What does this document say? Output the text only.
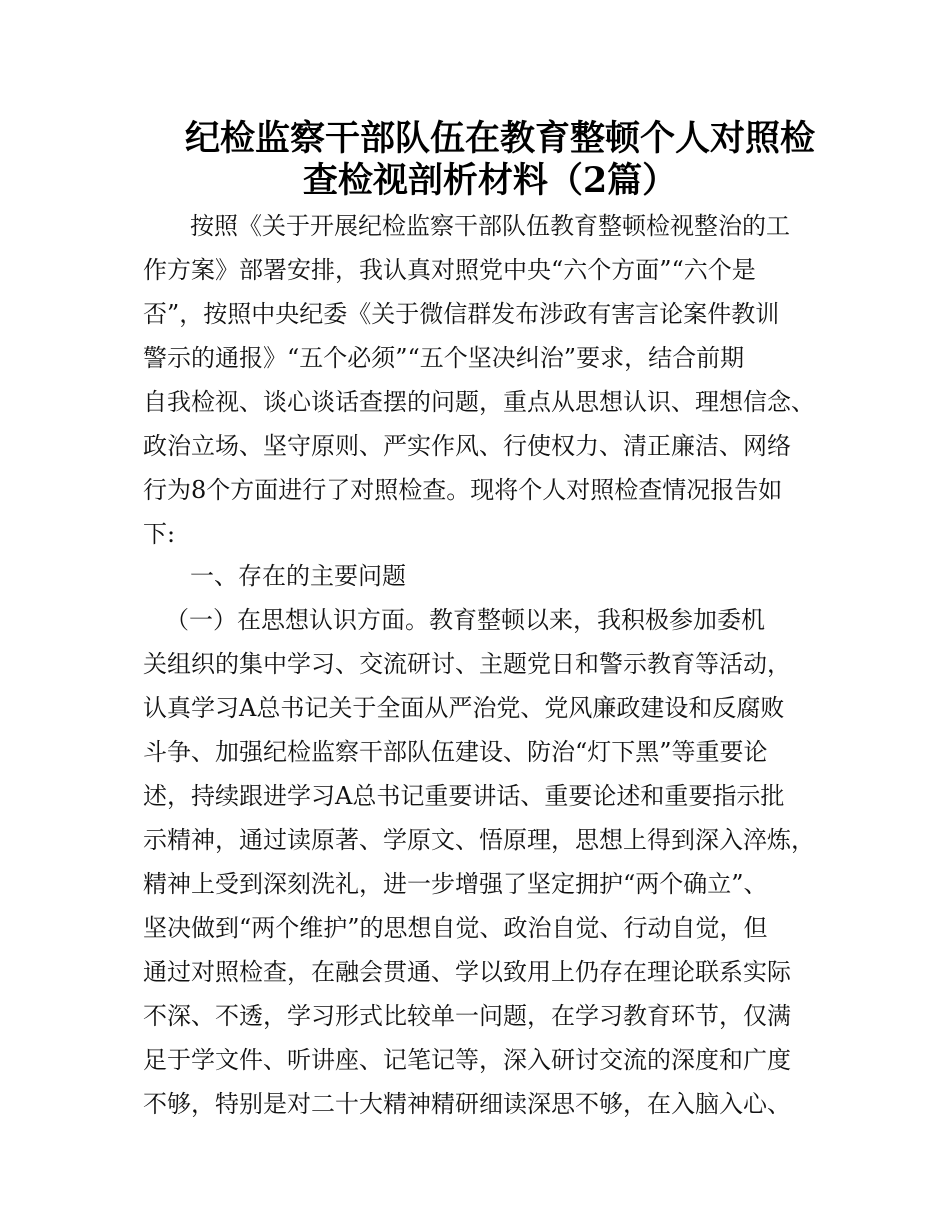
纪检监察干部队伍在教育整顿个人对照检
查检视剖析材料（2篇）
按照《关于开展纪检监察干部队伍教育整顿检视整治的工
作方案》部署安排，我认真对照党中央“六个方面”“六个是
否”，按照中央纪委《关于微信群发布涉政有害言论案件教训
警示的通报》“五个必须”“五个坚决纠治”要求，结合前期
自我检视、谈心谈话查摆的问题，重点从思想认识、理想信念、
政治立场、坚守原则、严实作风、行使权力、清正廉洁、网络
行为8个方面进行了对照检查。现将个人对照检查情况报告如
下:
一、存在的主要问题
（一）在思想认识方面。教育整顿以来，我积极参加委机
关组织的集中学习、交流研讨、主题党日和警示教育等活动，
认真学习A总书记关于全面从严治党、党风廉政建设和反腐败
斗争、加强纪检监察干部队伍建设、防治“灯下黑”等重要论
述，持续跟进学习A总书记重要讲话、重要论述和重要指示批
示精神，通过读原著、学原文、悟原理，思想上得到深入淬炼，
精神上受到深刻洗礼，进一步增强了坚定拥护“两个确立”、
坚决做到“两个维护”的思想自觉、政治自觉、行动自觉，但
通过对照检查，在融会贯通、学以致用上仍存在理论联系实际
不深、不透，学习形式比较单一问题，在学习教育环节，仅满
足于学文件、听讲座、记笔记等，深入研讨交流的深度和广度
不够，特别是对二十大精神精研细读深思不够，在入脑入心、
